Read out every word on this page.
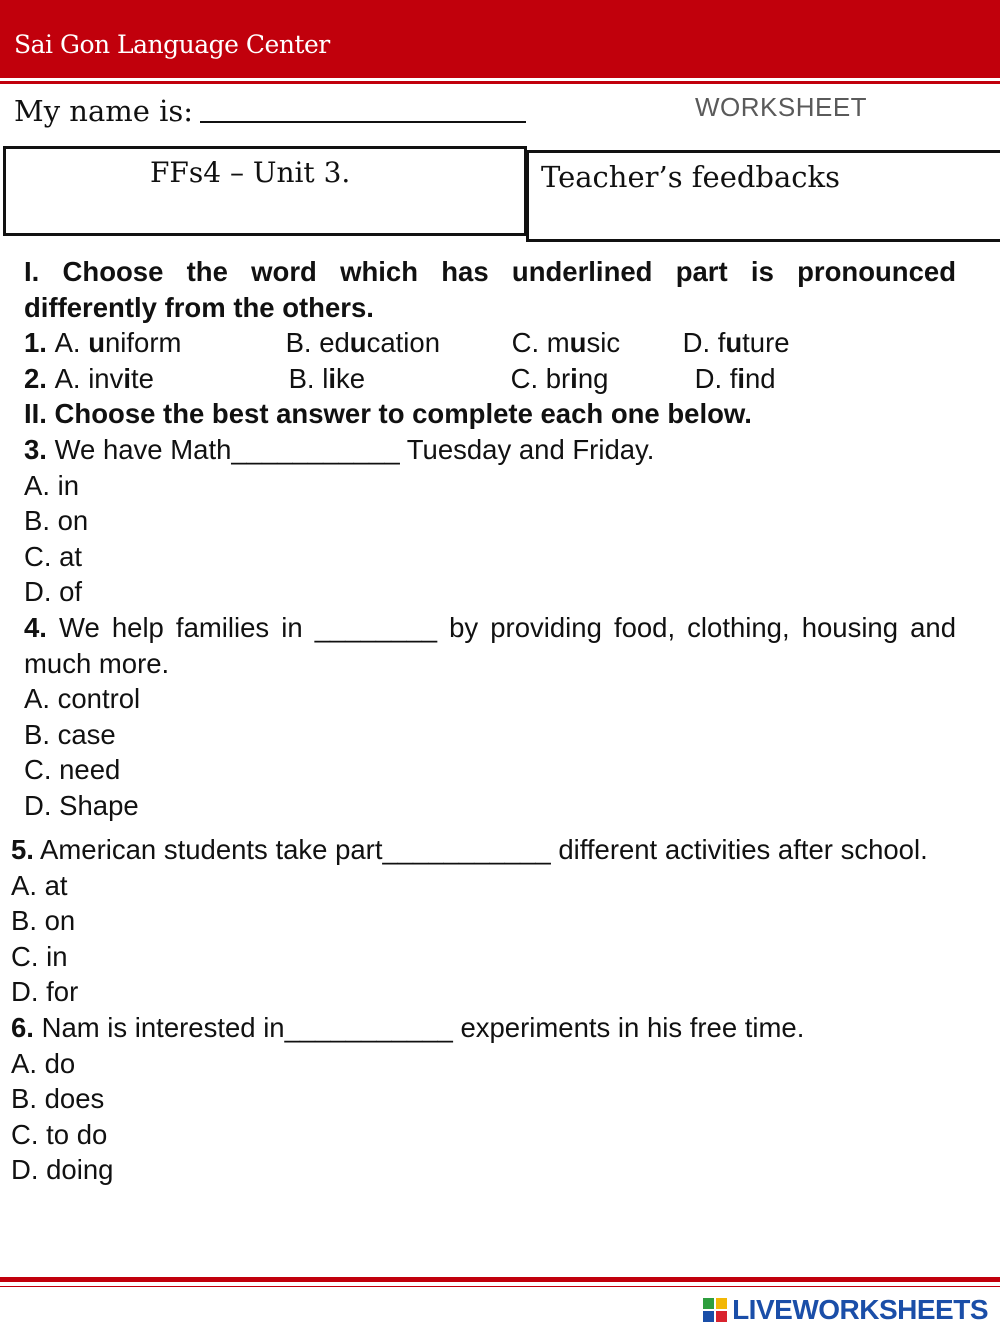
Sai Gon Language Center
My name is:	WORKSHEET
FFs4 – Unit 3.	Teacher’s feedbacks
I. Choose the word which has underlined part is pronounced differently from the others.
1. A. uniform	B. education	C. music D. future
2. A. invite	B. like	C. bring	D. find
II. Choose the best answer to complete each one below.
3. We have Math___________ Tuesday and Friday.
A. in
B. on
C. at
D. of
4. We help families in ________ by providing food, clothing, housing and much more.
A. control
B. case
C. need
D. Shape
5. American students take part___________ different activities after school.
A. at
B. on
C. in
D. for
6. Nam is interested in___________ experiments in his free time.
A. do
B. does
C. to do
D. doing
LIVEWORKSHEETS
